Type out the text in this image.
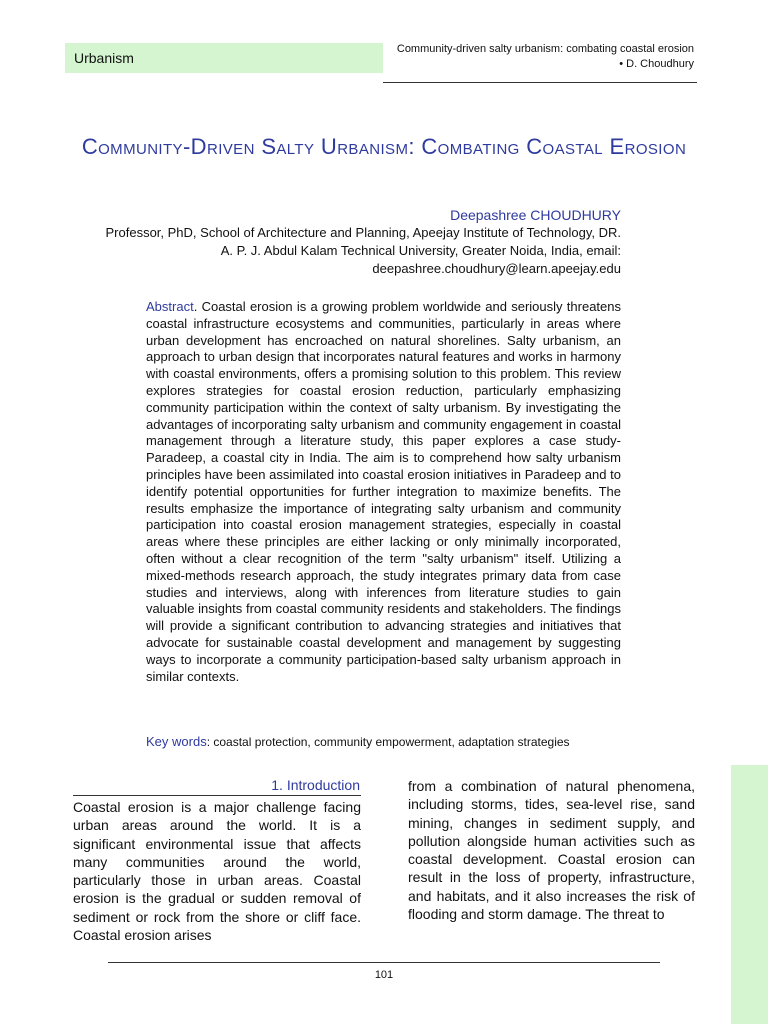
Urbanism
Community-driven salty urbanism: combating coastal erosion • D. Choudhury
Community-Driven Salty Urbanism: Combating Coastal Erosion
Deepashree CHOUDHURY
Professor, PhD, School of Architecture and Planning, Apeejay Institute of Technology, DR. A. P. J. Abdul Kalam Technical University, Greater Noida, India, email: deepashree.choudhury@learn.apeejay.edu
Abstract. Coastal erosion is a growing problem worldwide and seriously threatens coastal infrastructure ecosystems and communities, particularly in areas where urban development has encroached on natural shorelines. Salty urbanism, an approach to urban design that incorporates natural features and works in harmony with coastal environments, offers a promising solution to this problem. This review explores strategies for coastal erosion reduction, particularly emphasizing community participation within the context of salty urbanism. By investigating the advantages of incorporating salty urbanism and community engagement in coastal management through a literature study, this paper explores a case study-Paradeep, a coastal city in India. The aim is to comprehend how salty urbanism principles have been assimilated into coastal erosion initiatives in Paradeep and to identify potential opportunities for further integration to maximize benefits. The results emphasize the importance of integrating salty urbanism and community participation into coastal erosion management strategies, especially in coastal areas where these principles are either lacking or only minimally incorporated, often without a clear recognition of the term "salty urbanism" itself. Utilizing a mixed-methods research approach, the study integrates primary data from case studies and interviews, along with inferences from literature studies to gain valuable insights from coastal community residents and stakeholders. The findings will provide a significant contribution to advancing strategies and initiatives that advocate for sustainable coastal development and management by suggesting ways to incorporate a community participation-based salty urbanism approach in similar contexts.
Key words: coastal protection, community empowerment, adaptation strategies
1. Introduction

Coastal erosion is a major challenge facing urban areas around the world. It is a significant environmental issue that affects many communities around the world, particularly those in urban areas. Coastal erosion is the gradual or sudden removal of sediment or rock from the shore or cliff face. Coastal erosion arises

from a combination of natural phenomena, including storms, tides, sea-level rise, sand mining, changes in sediment supply, and pollution alongside human activities such as coastal development. Coastal erosion can result in the loss of property, infrastructure, and habitats, and it also increases the risk of flooding and storm damage. The threat to

101
